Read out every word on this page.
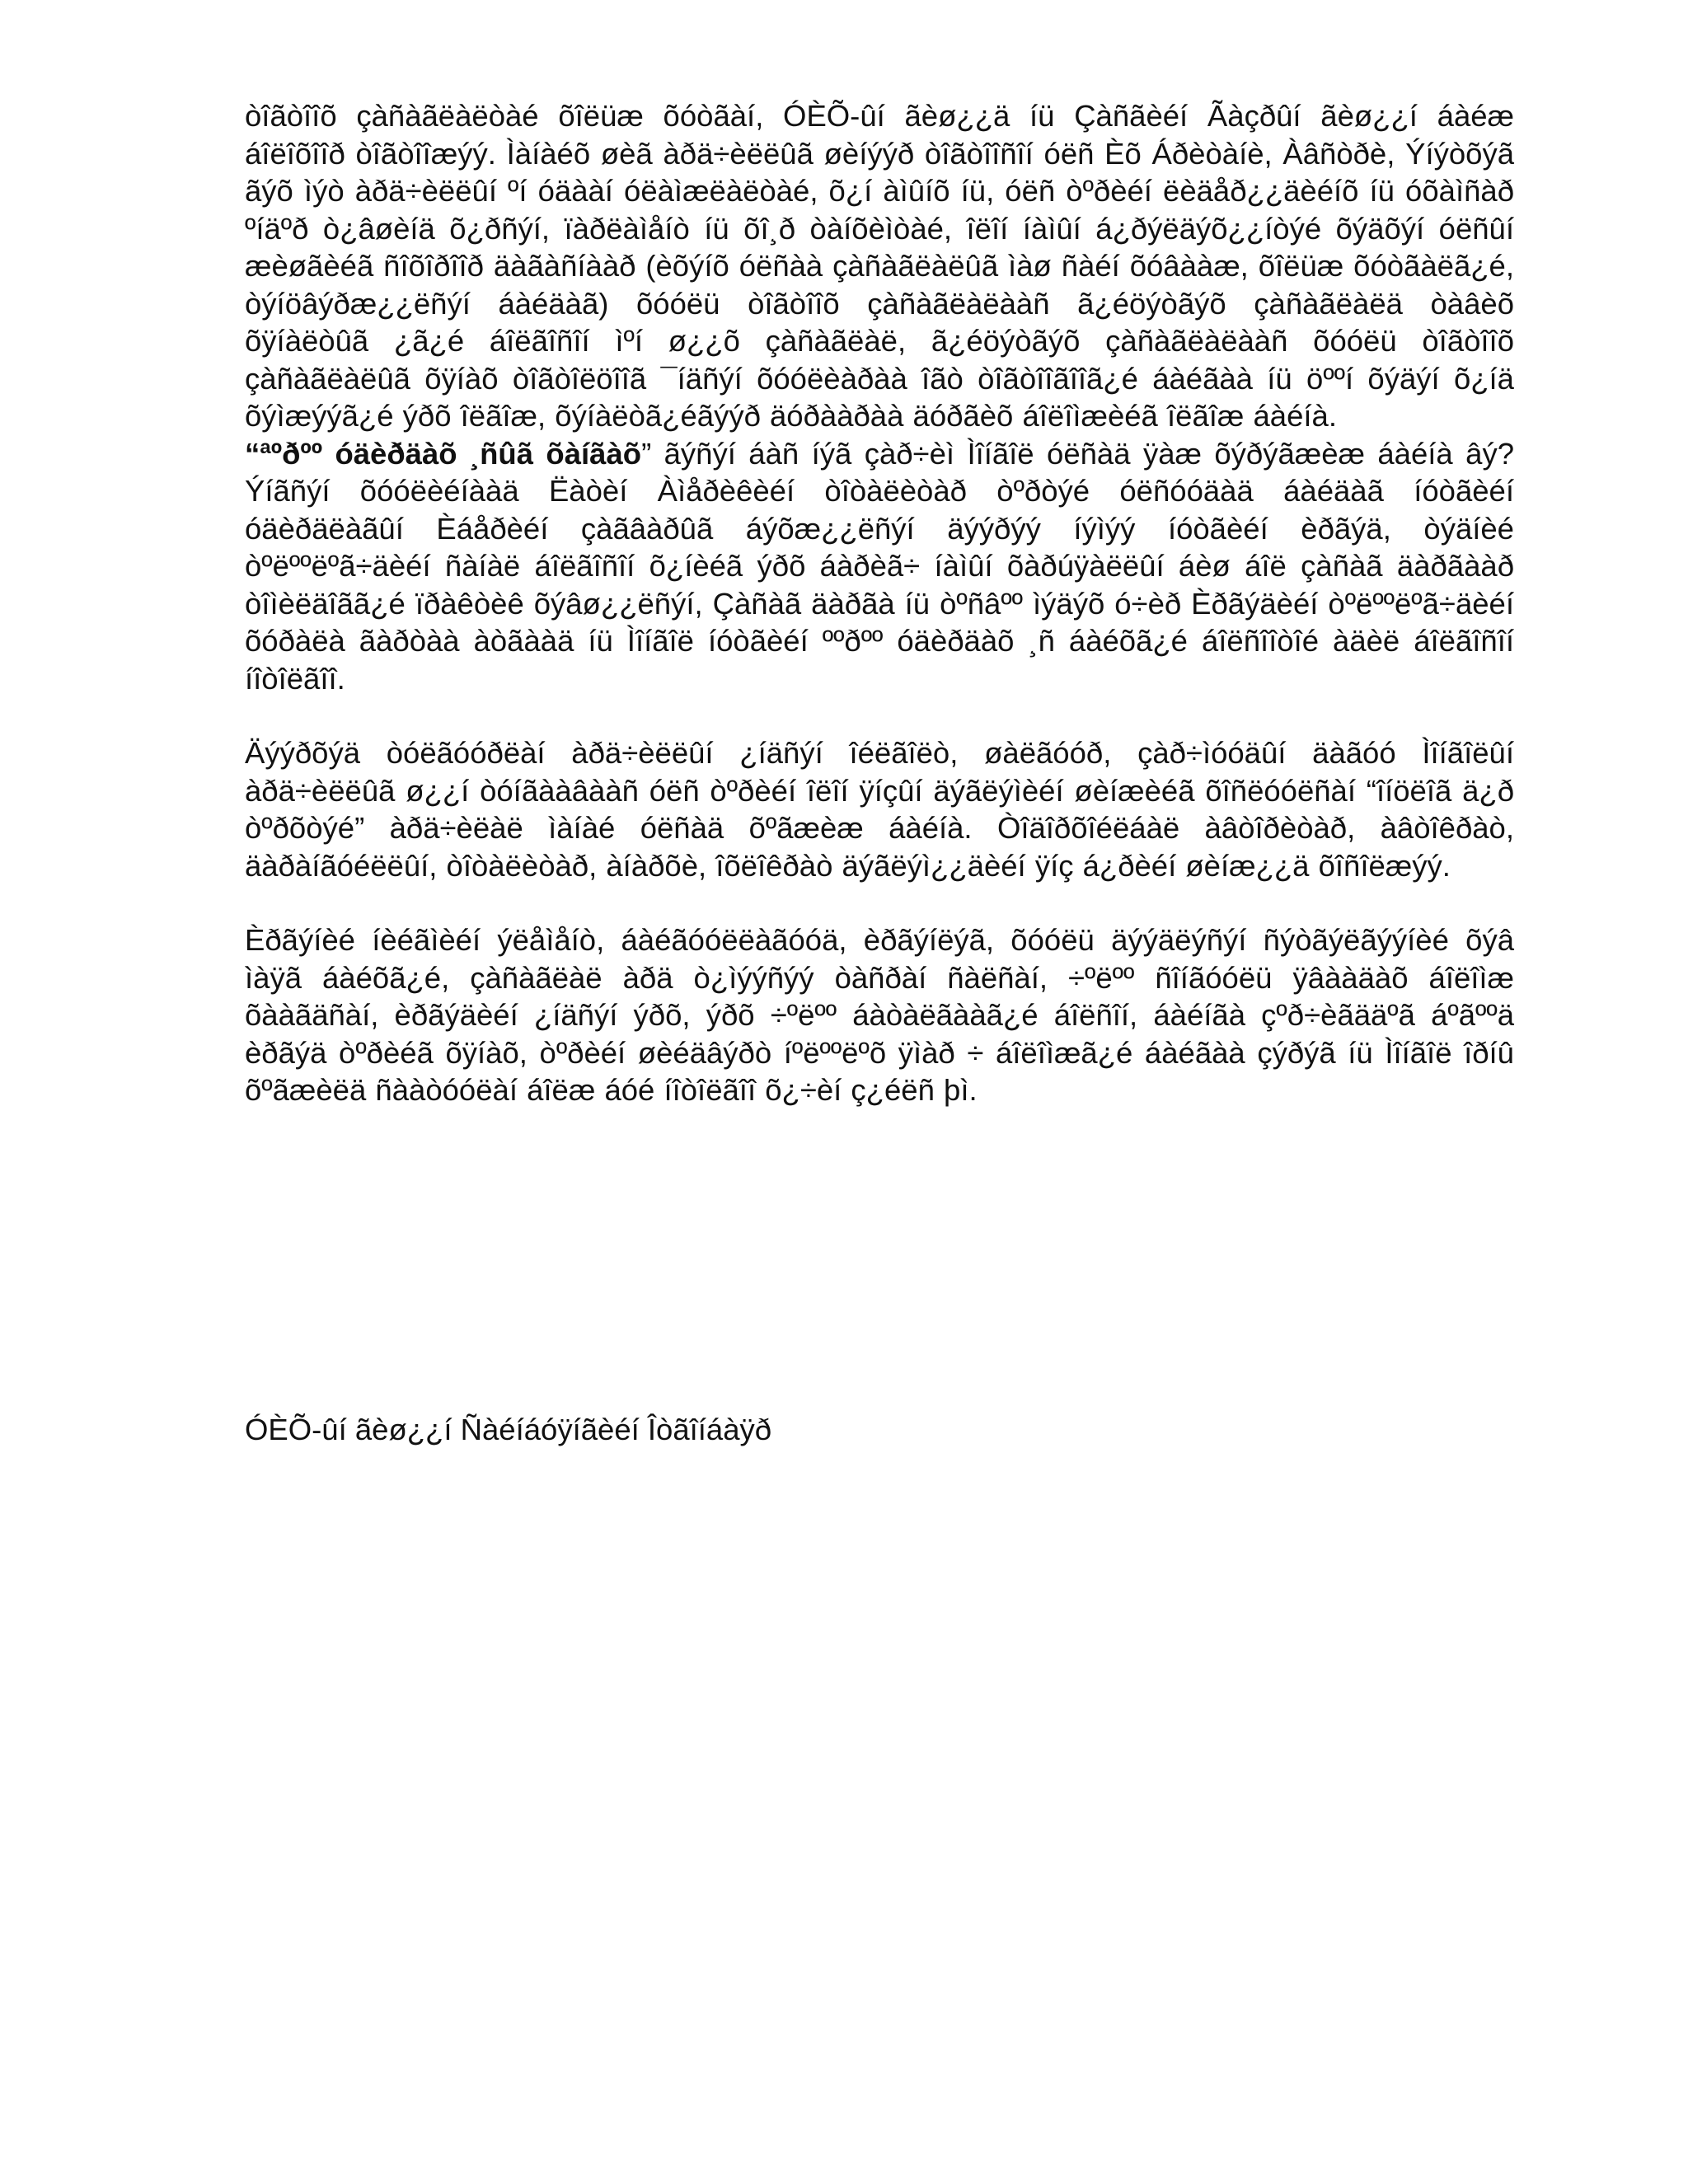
òîãòîîõ çàñàãëàëòàé õîëüæ õóòãàí, ÓÈÕ-ûí ãèø¿¿ä íü Çàñãèéí Ãàçðûí ãèø¿¿í áàéæ áîëîõîîð òîãòîîæýý. Ìàíàéõ øèã àðä÷èëëûã øèíýýð òîãòîîñîí óëñ Èõ Áðèòàíè, Àâñòðè, Ýíýòõýã ãýõ ìýò àðä÷èëëûí ºí óäààí óëàìæëàëòàé, õ¿í àìûíõ íü, óëñ òºðèéí ëèäåð¿¿äèéíõ íü óõàìñàð ºíäºð ò¿âøèíä õ¿ðñýí, ïàðëàìåíò íü õî¸ð òàíõèìòàé, îëîí íàìûí á¿ðýëäýõ¿¿íòýé õýäõýí óëñûí æèøãèéã ñîõîðîîð äàãàñíààð (èõýíõ óëñàà çàñàãëàëûã ìàø ñàéí õóâààæ, õîëüæ õóòãàëã¿é, òýíöâýðæ¿¿ëñýí áàéäàã) õóóëü òîãòîîõ çàñàãëàëààñ ã¿éöýòãýõ çàñàãëàëä òàâèõ õÿíàëòûã ¿ã¿é áîëãîñîí ìºí ø¿¿õ çàñàãëàë, ã¿éöýòãýõ çàñàãëàëààñ õóóëü òîãòîîõ çàñàãëàëûã õÿíàõ òîãòîëöîîã ¯íäñýí õóóëèàðàà îãò òîãòîîãîîã¿é áàéãàà íü öººí õýäýí õ¿íä õýìæýýã¿é ýðõ îëãîæ, õýíàëòã¿éãýýð äóðààðàà äóðãèõ áîëîìæèéã îëãîæ áàéíà.

“ªºðºº óäèðäàõ ¸ñûã õàíãàõ” ãýñýí áàñ íýã çàð÷èì Ìîíãîë óëñàä ÿàæ õýðýãæèæ áàéíà âý? Ýíãñýí õóóëèéíààä Ëàòèí Àìåðèêèéí òîòàëèòàð òºðòýé óëñóóäàä áàéäàã íóòãèéí óäèðäëàãûí Èáåðèéí çàãâàðûã áýõæ¿¿ëñýí äýýðýý íýìýý íóòãèéí èðãýä, òýäíèé òºëººëºã÷äèéí ñàíàë áîëãîñîí õ¿íèéã ýðõ áàðèã÷ íàìûí õàðúÿàëëûí áèø áîë çàñàã äàðãààð òîìèëäîãã¿é ïðàêòèê õýâø¿¿ëñýí, Çàñàã äàðãà íü òºñâºº ìýäýõ ó÷èð Èðãýäèéí òºëººëºã÷äèéí õóðàëà ãàðòàà àòãààä íü Ìîíãîë íóòãèéí ººðºº óäèðäàõ ¸ñ áàéõã¿é áîëñîîòîé àäèë áîëãîñîí íîòîëãîî.

Äýýðõýä òóëãóóðëàí àðä÷èëëûí ¿íäñýí îéëãîëò, øàëãóóð, çàð÷ìóóäûí äàãóó Ìîíãîëûí àðä÷èëëûã ø¿¿í òóíãààâààñ óëñ òºðèéí îëîí ÿíçûí äýãëýìèéí øèíæèéã õîñëóóëñàí “îíöëîã ä¿ð òºðõòýé” àðä÷èëàë ìàíàé óëñàä õºãæèæ áàéíà. Òîäîðõîéëáàë àâòîðèòàð, àâòîêðàò, äàðàíãóéëëûí, òîòàëèòàð, àíàðõè, îõëîêðàò äýãëýì¿¿äèéí ÿíç á¿ðèéí øèíæ¿¿ä õîñîëæýý.

Èðãýíèé íèéãìèéí ýëåìåíò, áàéãóóëëàãóóä, èðãýíëýã, õóóëü äýýäëýñýí ñýòãýëãýýíèé õýâ ìàÿã áàéõã¿é, çàñàãëàë àðä ò¿ìýýñýý òàñðàí ñàëñàí, ÷ºëºº ñîíãóóëü ÿâààäàõ áîëîìæ õààãäñàí, èðãýäèéí ¿íäñýí ýðõ, ýðõ ÷ºëºº áàòàëãààã¿é áîëñîí, áàéíãà çºð÷èãääºã áºãººä èðãýä òºðèéã õÿíàõ, òºðèéí øèéäâýðò íºëººëºõ ÿìàð ÷ áîëîìæã¿é áàéãàà çýðýã íü Ìîíãîë îðíû õºãæèëä ñààòóóëàí áîëæ áóé íîòîëãîî õ¿÷èí ç¿éëñ þì.

ÓÈÕ-ûí ãèø¿¿í Ñàéíáóÿíãèéí Îòãîíáàÿð
